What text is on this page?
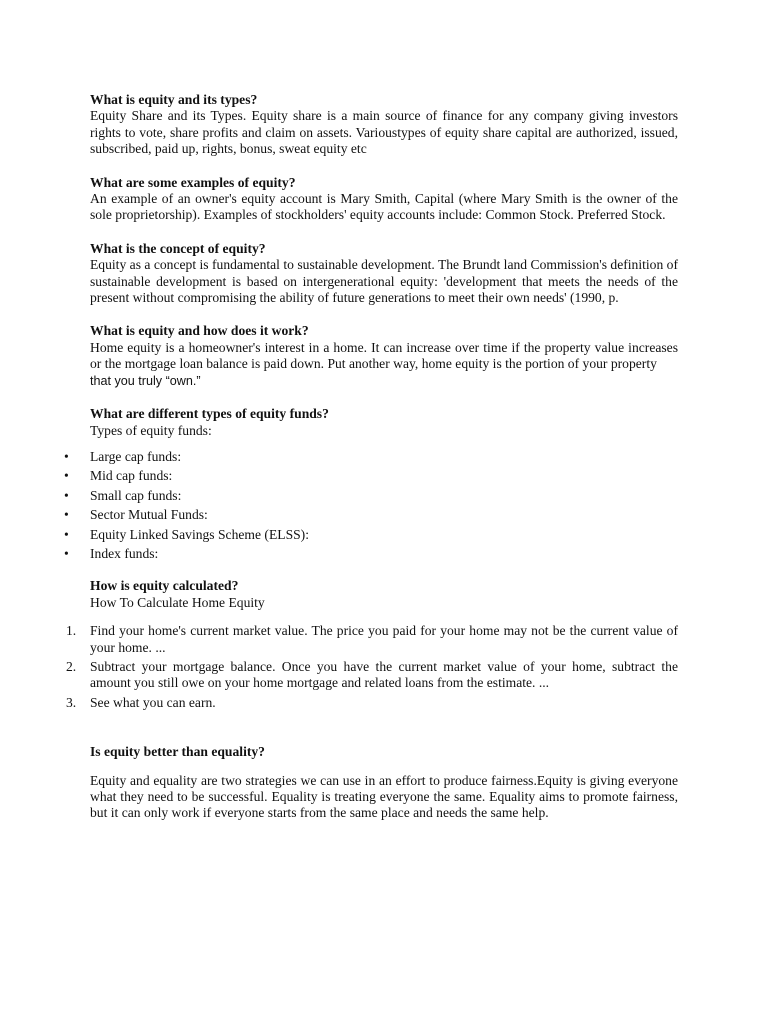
What is equity and its types?

Equity Share and its Types. Equity share is a main source of finance for any company giving investors rights to vote, share profits and claim on assets. Varioustypes of equity share capital are authorized, issued, subscribed, paid up, rights, bonus, sweat equity etc

What are some examples of equity?

An example of an owner's equity account is Mary Smith, Capital (where Mary Smith is the owner of the sole proprietorship). Examples of stockholders' equity accounts include: Common Stock. Preferred Stock.

What is the concept of equity?

Equity as a concept is fundamental to sustainable development. The Brundt land Commission's definition of sustainable development is based on intergenerational equity: 'development that meets the needs of the present without compromising the ability of future generations to meet their own needs' (1990, p.

What is equity and how does it work?

Home equity is a homeowner's interest in a home. It can increase over time if the property value increases or the mortgage loan balance is paid down. Put another way, home equity is the portion of your property

that you truly “own.”

What are different types of equity funds?

Types of equity funds:

• Large cap funds:
• Mid cap funds:
• Small cap funds:
• Sector Mutual Funds:
• Equity Linked Savings Scheme (ELSS):
• Index funds:

How is equity calculated?

How To Calculate Home Equity

1. Find your home's current market value. The price you paid for your home may not be the current value of your home. ...
2. Subtract your mortgage balance. Once you have the current market value of your home, subtract the amount you still owe on your home mortgage and related loans from the estimate. ...
3. See what you can earn.

Is equity better than equality?

Equity and equality are two strategies we can use in an effort to produce fairness.Equity is giving everyone what they need to be successful. Equality is treating everyone the same. Equality aims to promote fairness, but it can only work if everyone starts from the same place and needs the same help.
